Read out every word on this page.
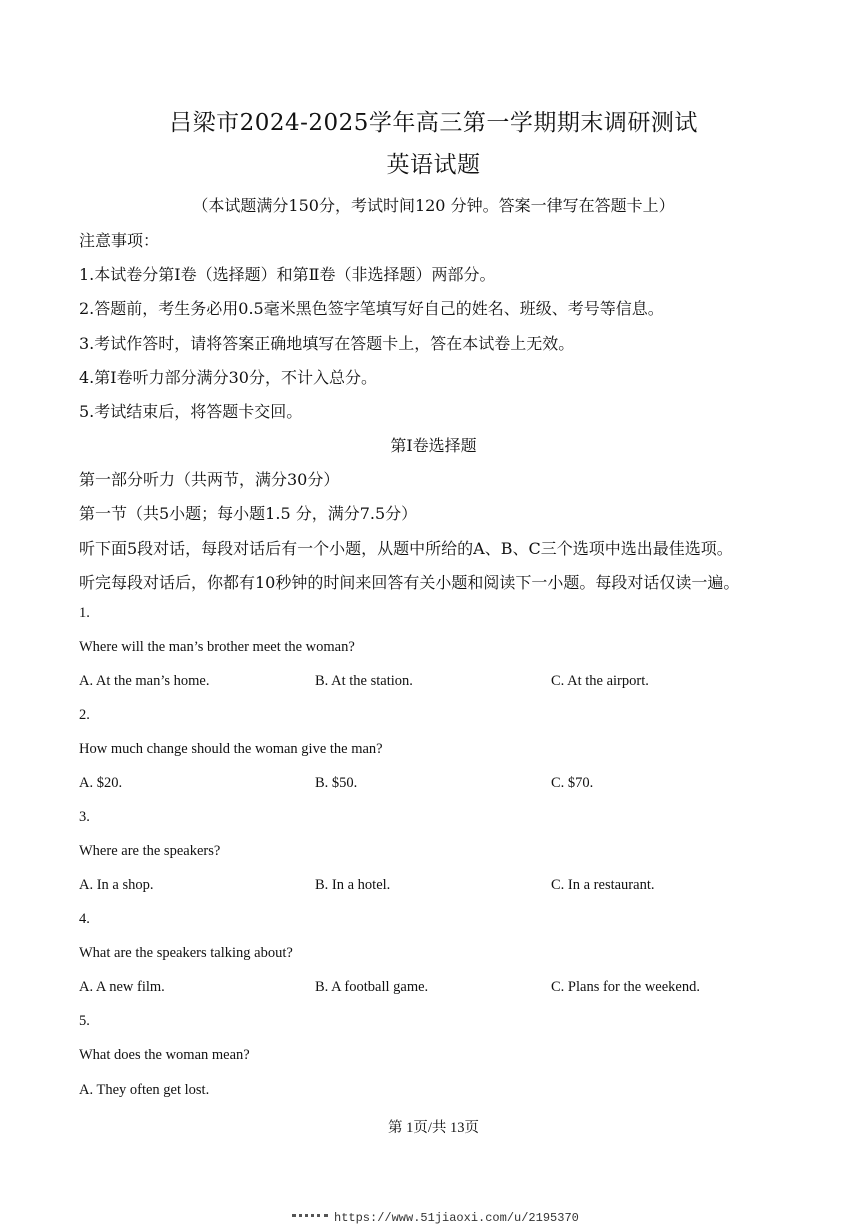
吕梁市2024-2025学年高三第一学期期末调研测试
英语试题
（本试题满分150分，考试时间120 分钟。答案一律写在答题卡上）
注意事项：
1.本试卷分第Ⅰ卷（选择题）和第Ⅱ卷（非选择题）两部分。
2.答题前，考生务必用0.5毫米黑色签字笔填写好自己的姓名、班级、考号等信息。
3.考试作答时，请将答案正确地填写在答题卡上，答在本试卷上无效。
4.第Ⅰ卷听力部分满分30分，不计入总分。
5.考试结束后，将答题卡交回。
第Ⅰ卷选择题
第一部分听力（共两节，满分30分）
第一节（共5小题；每小题1.5 分，满分7.5分）
听下面5段对话，每段对话后有一个小题，从题中所给的A、B、C三个选项中选出最佳选项。
听完每段对话后，你都有10秒钟的时间来回答有关小题和阅读下一小题。每段对话仅读一遍。
1.
Where will the man’s brother meet the woman?
A. At the man’s home.	B. At the station.	C. At the airport.
2.
How much change should the woman give the man?
A. $20.	B. $50.	C. $70.
3.
Where are the speakers?
A. In a shop.	B. In a hotel.	C. In a restaurant.
4.
What are the speakers talking about?
A. A new film.	B. A football game.	C. Plans for the weekend.
5.
What does the woman mean?
A. They often get lost.
第 1页/共 13页
https://www.51jiaoxi.com/u/2195370
